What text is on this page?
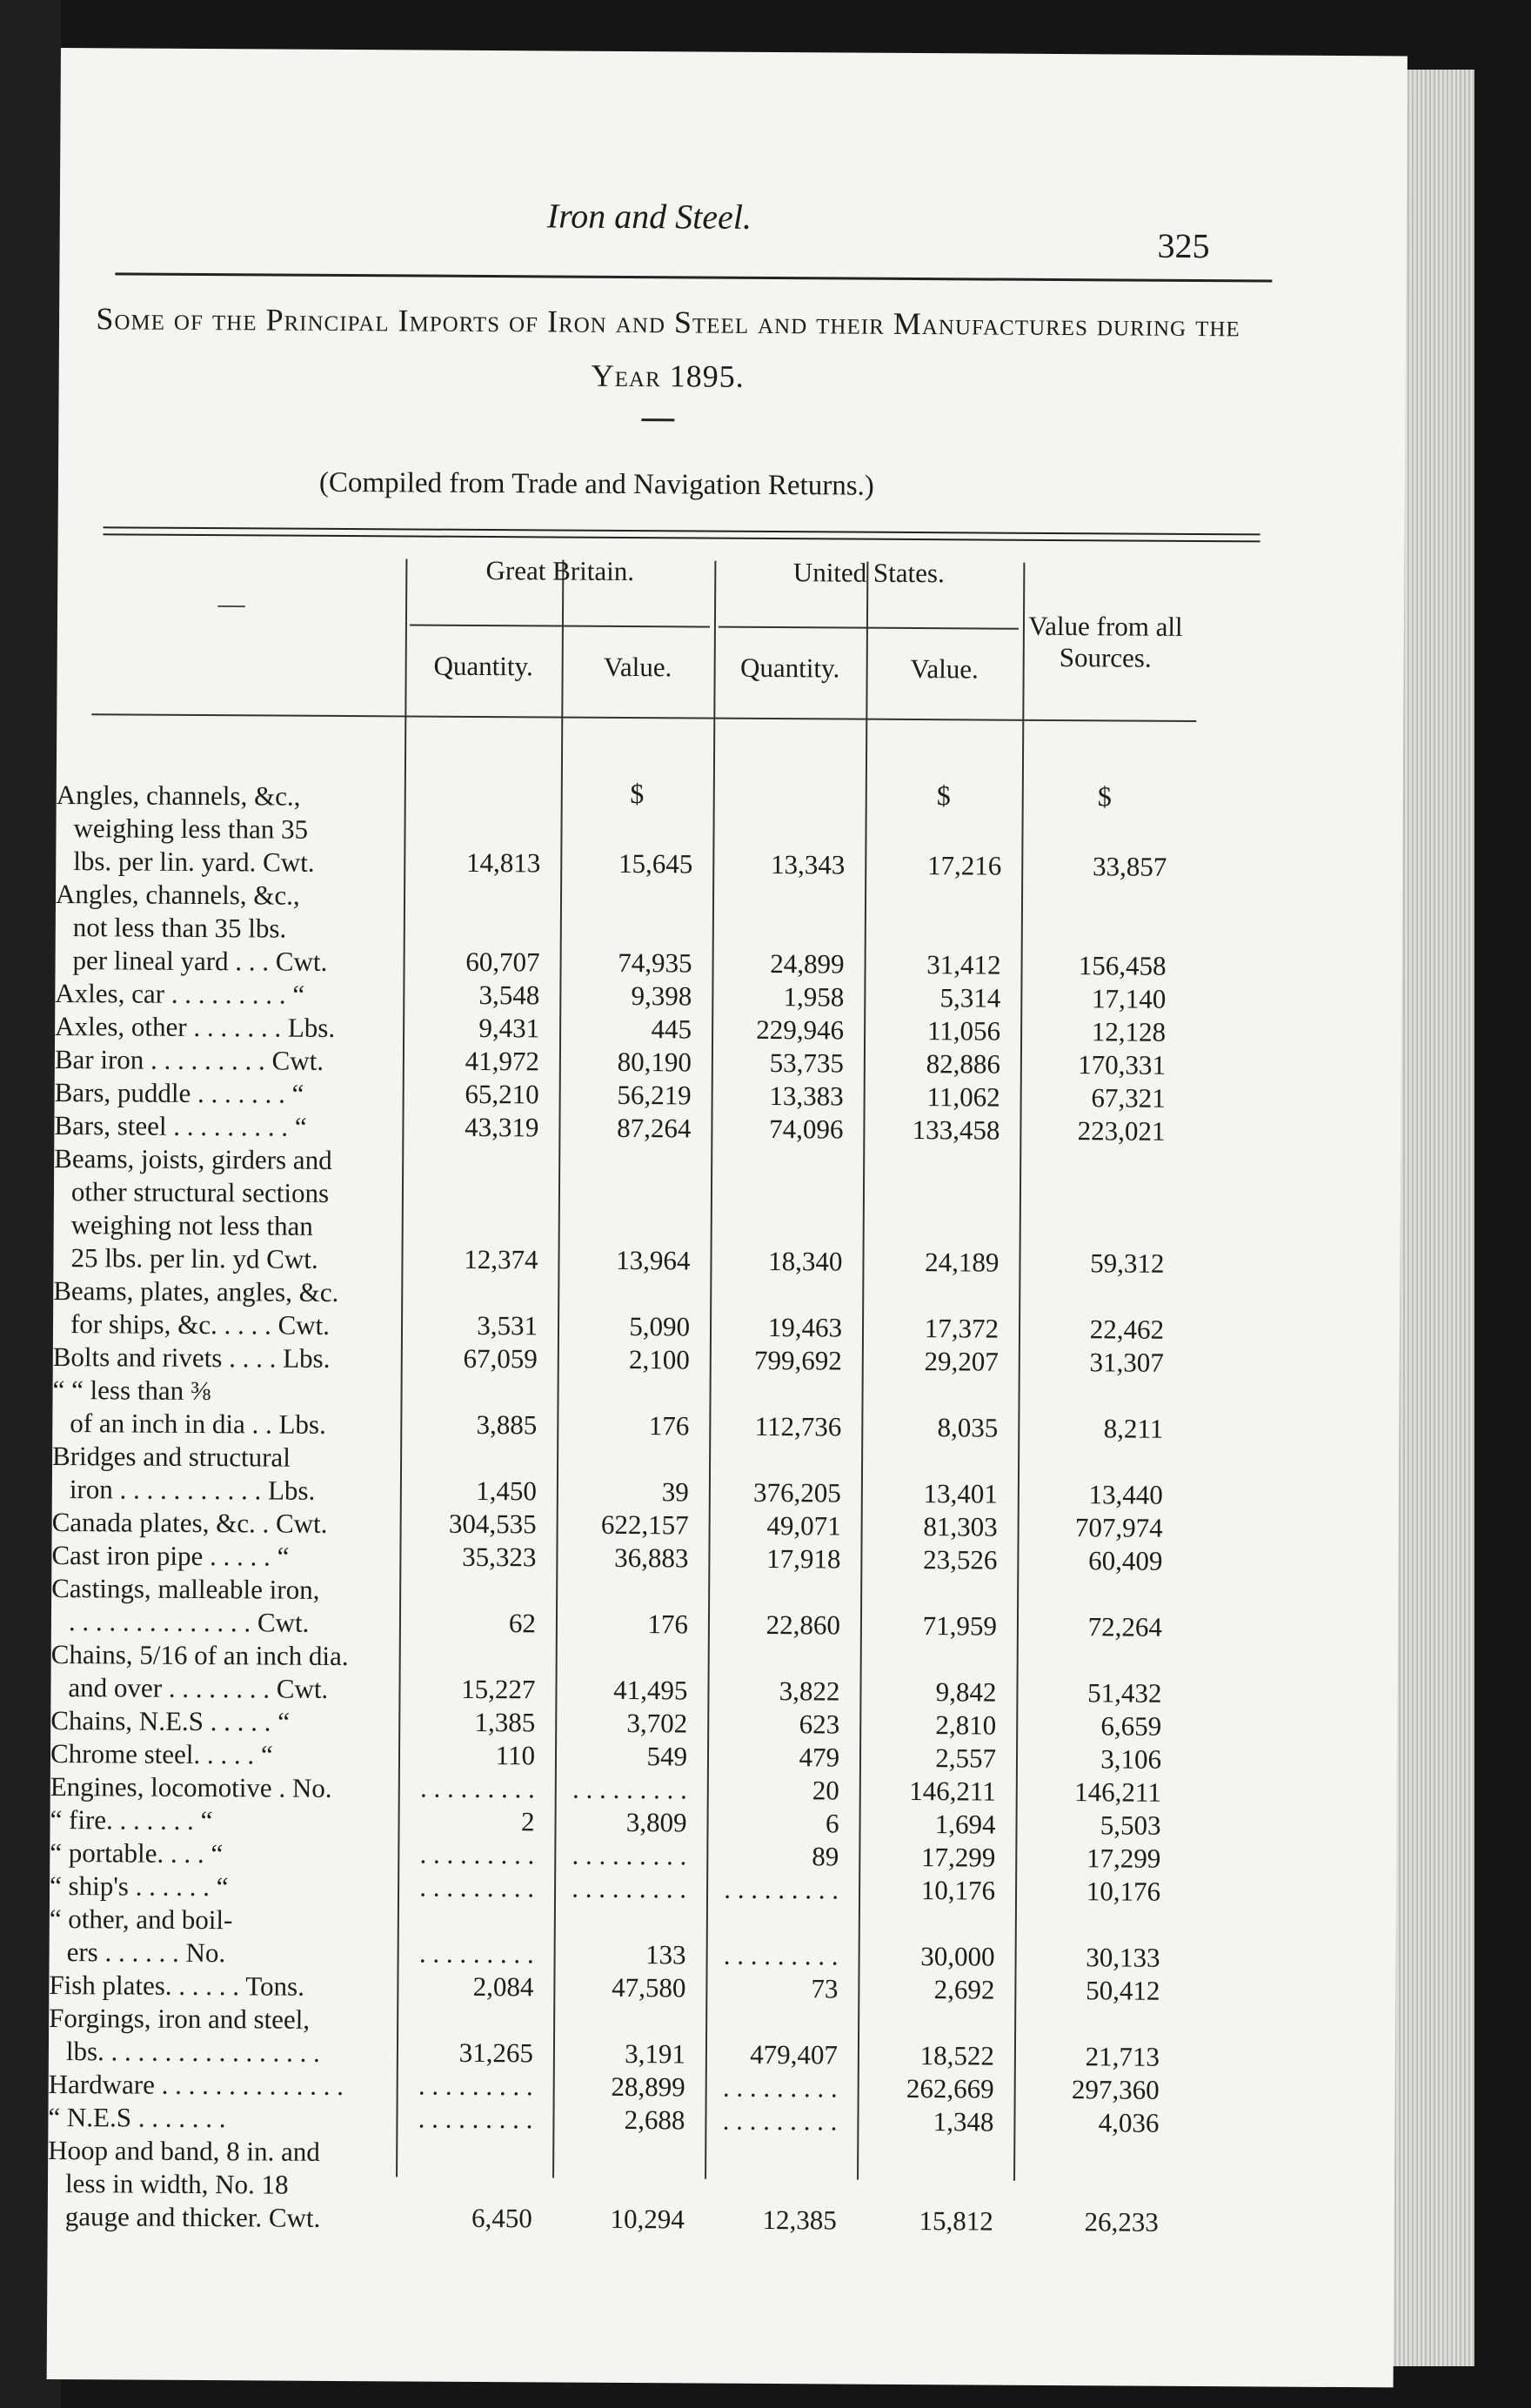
Iron and Steel.
325
Some of the Principal Imports of Iron and Steel and their Manufactures during the Year 1895.
(Compiled from Trade and Navigation Returns.)
—
Great Britain.	United States.
Quantity.	Value.	Quantity.	Value.
Value from all Sources.
$	$	$
Angles, channels, &c.,
weighing less than 35
lbs. per lin. yard. Cwt.	14,813	15,645	13,343	17,216	33,857
Angles, channels, &c.,
not less than 35 lbs.
per lineal yard . . . Cwt.	60,707	74,935	24,899	31,412	156,458
Axles, car . . . . . . . . . “	3,548	9,398	1,958	5,314	17,140
Axles, other . . . . . . . Lbs.	9,431	445	229,946	11,056	12,128
Bar iron . . . . . . . . . Cwt.	41,972	80,190	53,735	82,886	170,331
Bars, puddle . . . . . . . “	65,210	56,219	13,383	11,062	67,321
Bars, steel . . . . . . . . . “	43,319	87,264	74,096	133,458	223,021
Beams, joists, girders and
other structural sections
weighing not less than
25 lbs. per lin. yd Cwt.	12,374	13,964	18,340	24,189	59,312
Beams, plates, angles, &c.
for ships, &c. . . . . Cwt.	3,531	5,090	19,463	17,372	22,462
Bolts and rivets . . . . Lbs.	67,059	2,100	799,692	29,207	31,307
“ “ less than ⅜
of an inch in dia . . Lbs.	3,885	176	112,736	8,035	8,211
Bridges and structural
iron . . . . . . . . . . . Lbs.	1,450	39	376,205	13,401	13,440
Canada plates, &c. . Cwt.	304,535	622,157	49,071	81,303	707,974
Cast iron pipe . . . . . “	35,323	36,883	17,918	23,526	60,409
Castings, malleable iron,
. . . . . . . . . . . . . . Cwt.	62	176	22,860	71,959	72,264
Chains, 5/16 of an inch dia.
and over . . . . . . . . Cwt.	15,227	41,495	3,822	9,842	51,432
Chains, N.E.S . . . . . “	1,385	3,702	623	2,810	6,659
Chrome steel. . . . . “	110	549	479	2,557	3,106
Engines, locomotive . No.	. . . . . . . . .	. . . . . . . . .	20	146,211	146,211
“ fire. . . . . . . “	2	3,809	6	1,694	5,503
“ portable. . . . “	. . . . . . . . .	. . . . . . . . .	89	17,299	17,299
“ ship's . . . . . . “	. . . . . . . . .	. . . . . . . . .	. . . . . . . . .	10,176	10,176
“ other, and boil-
ers . . . . . . No.	. . . . . . . . .	133	. . . . . . . . .	30,000	30,133
Fish plates. . . . . . Tons.	2,084	47,580	73	2,692	50,412
Forgings, iron and steel,
lbs. . . . . . . . . . . . . . . . .	31,265	3,191	479,407	18,522	21,713
Hardware . . . . . . . . . . . . . .	. . . . . . . . .	28,899	. . . . . . . . .	262,669	297,360
“ N.E.S . . . . . . .	. . . . . . . . .	2,688	. . . . . . . . .	1,348	4,036
Hoop and band, 8 in. and
less in width, No. 18
gauge and thicker. Cwt.	6,450	10,294	12,385	15,812	26,233
